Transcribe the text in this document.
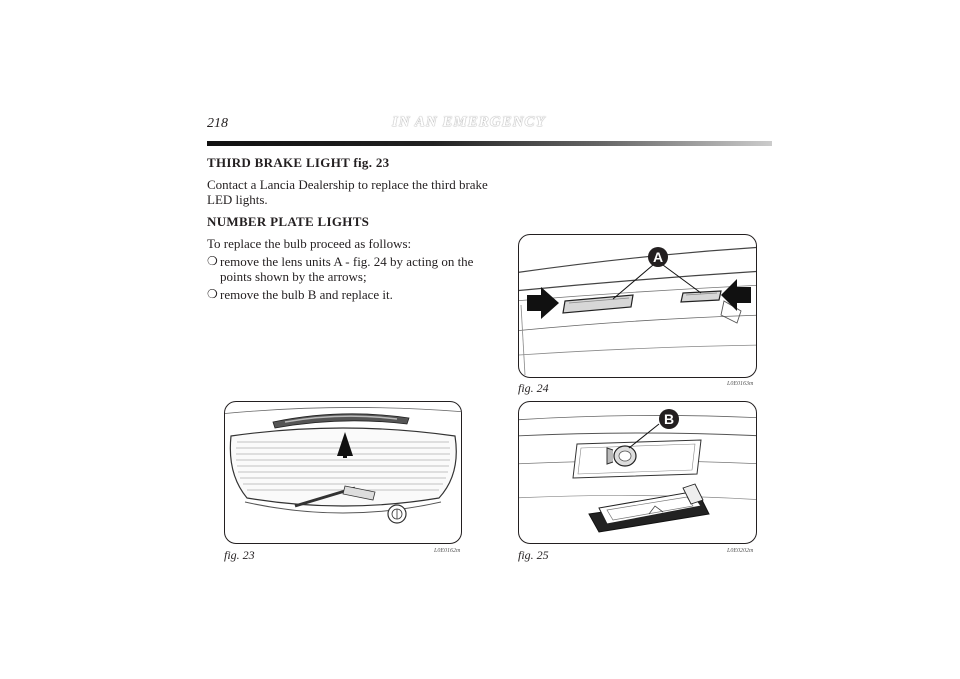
218	IN AN EMERGENCY

THIRD BRAKE LIGHT fig. 23

Contact a Lancia Dealership to replace the third brake LED lights.

NUMBER PLATE LIGHTS

To replace the bulb proceed as follows:

❍ remove the lens units A - fig. 24 by acting on the points shown by the arrows;
❍ remove the bulb B and replace it.
A
fig. 24	L0E0163m
fig. 23	L0E0162m
B
fig. 25	L0E0202m
